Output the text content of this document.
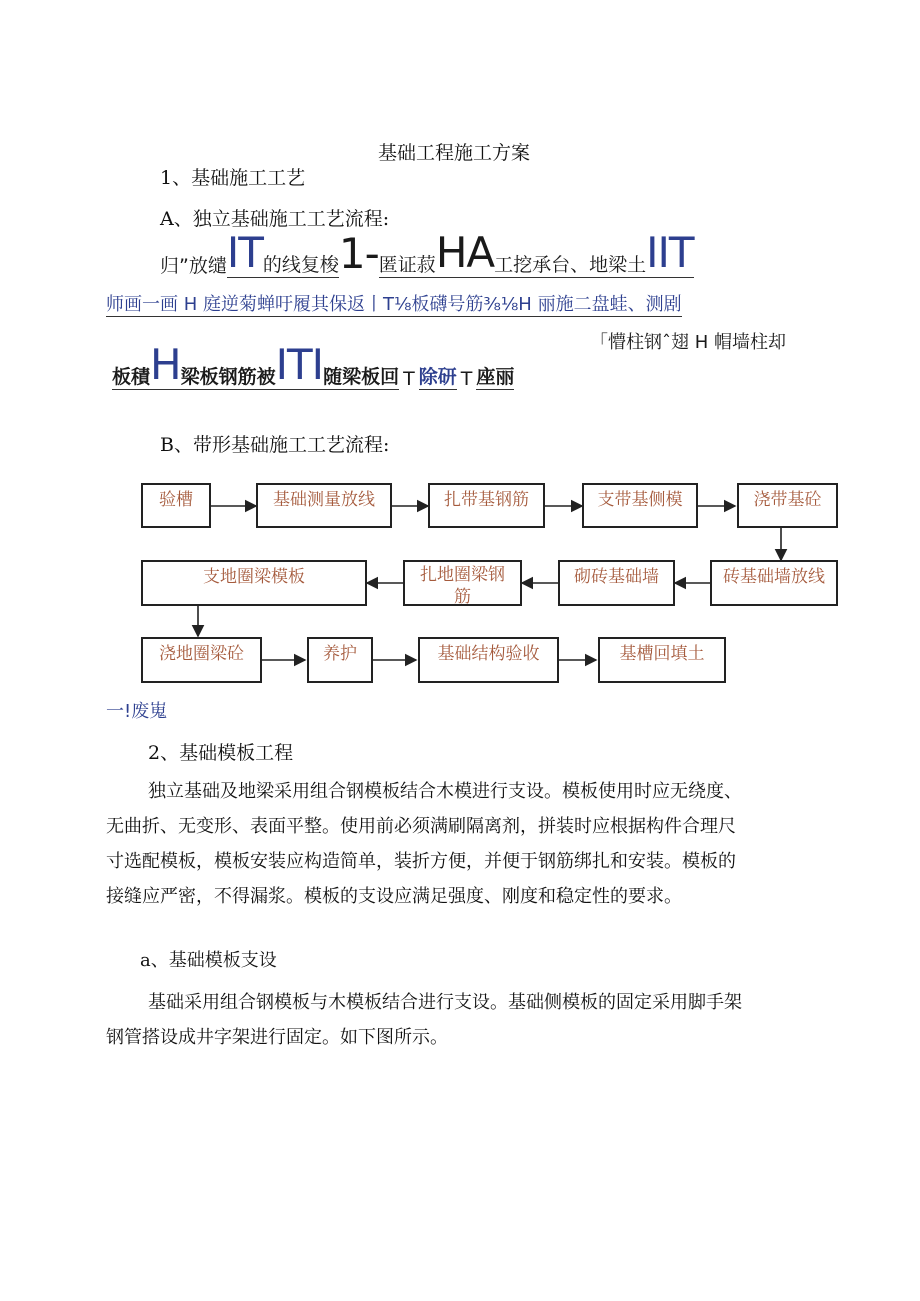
基础工程施工方案
1、基础施工工艺
A、独立基础施工工艺流程:
归”放缱 IT 的线复梭 1- 匿证菽 HA 工挖承台、地梁土 IIT
师画一画 H 庭逆菊蝉吁履其保返丨T⅛板礴号筋⅜⅛H 丽施二盘蛙、测剧
「懵柱钢ˆ翅 H 帽墙柱却
板積 H 梁板钢筋被 ITI 随梁板回 T 除研 T 座丽
B、带形基础施工工艺流程:
验槽	基础测量放线	扎带基钢筋	支带基侧模	浇带基砼
砖基础墙放线
砌砖基础墙
扎地圈梁钢筋
支地圈梁模板
浇地圈梁砼	养护	基础结构验收	基槽回填土
一!废嵬
2、基础模板工程
独立基础及地梁采用组合钢模板结合木模进行支设。模板使用时应无绕度、
无曲折、无变形、表面平整。使用前必须满刷隔离剂，拼装时应根据构件合理尺
寸选配模板，模板安装应构造简单，装折方便，并便于钢筋绑扎和安装。模板的
接缝应严密，不得漏浆。模板的支设应满足强度、刚度和稳定性的要求。
a、基础模板支设
基础采用组合钢模板与木模板结合进行支设。基础侧模板的固定采用脚手架
钢管搭设成井字架进行固定。如下图所示。
